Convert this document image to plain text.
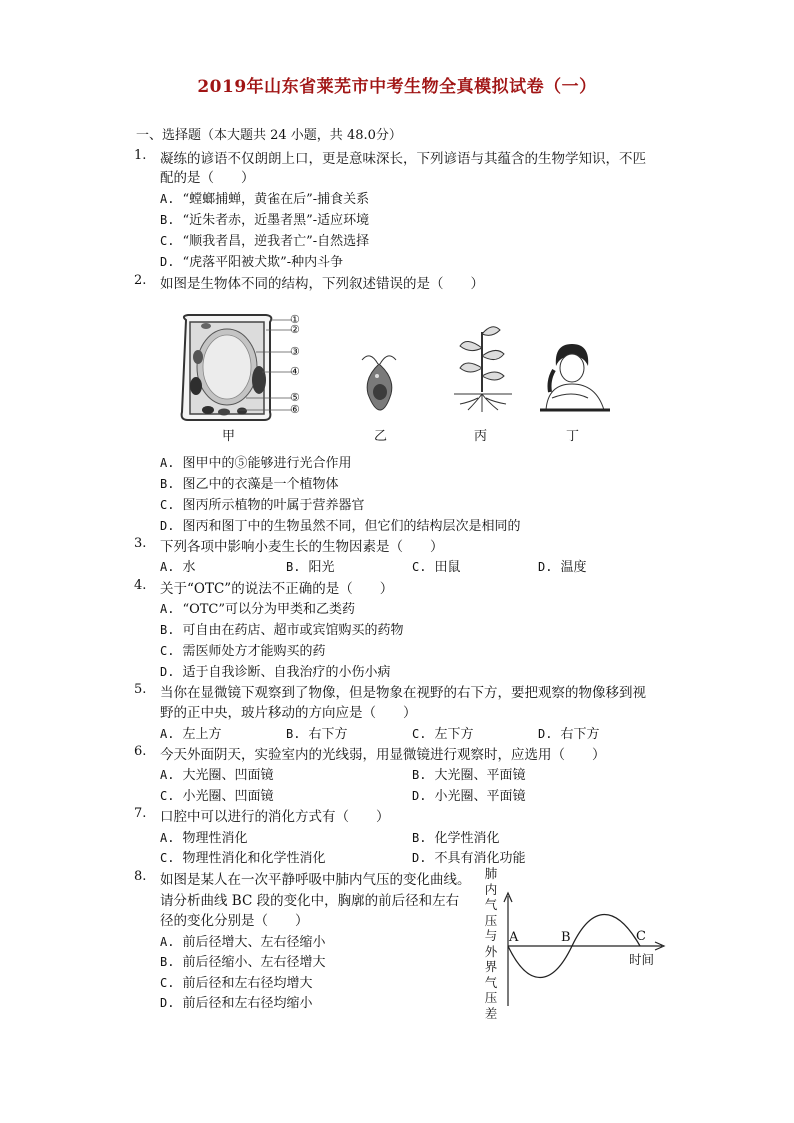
2019年山东省莱芜市中考生物全真模拟试卷（一）
一、选择题（本大题共 24 小题，共 48.0分）
1. 凝练的谚语不仅朗朗上口，更是意味深长，下列谚语与其蕴含的生物学知识，不匹
配的是（　　）
A. “螳螂捕蝉，黄雀在后”-捕食关系
B. “近朱者赤，近墨者黑”-适应环境
C. “顺我者昌，逆我者亡”-自然选择
D. “虎落平阳被犬欺”-种内斗争
2. 如图是生物体不同的结构，下列叙述错误的是（　　）
①
②
③
④
⑤
⑥
甲	乙	丙	丁
A. 图甲中的⑤能够进行光合作用
B. 图乙中的衣藻是一个植物体
C. 图丙所示植物的叶属于营养器官
D. 图丙和图丁中的生物虽然不同，但它们的结构层次是相同的
3. 下列各项中影响小麦生长的生物因素是（　　）
A. 水	B. 阳光	C. 田鼠	D. 温度
4. 关于“OTC”的说法不正确的是（　　）
A. “OTC”可以分为甲类和乙类药
B. 可自由在药店、超市或宾馆购买的药物
C. 需医师处方才能购买的药
D. 适于自我诊断、自我治疗的小伤小病
5. 当你在显微镜下观察到了物像，但是物象在视野的右下方，要把观察的物像移到视
野的正中央，玻片移动的方向应是（　　）
A. 左上方	B. 右下方	C. 左下方	D. 右下方
6. 今天外面阴天，实验室内的光线弱，用显微镜进行观察时，应选用（　　）
A. 大光圈、凹面镜	B. 大光圈、平面镜
C. 小光圈、凹面镜	D. 小光圈、平面镜
7. 口腔中可以进行的消化方式有（　　）
A. 物理性消化	B. 化学性消化
C. 物理性消化和化学性消化	D. 不具有消化功能
8. 如图是某人在一次平静呼吸中肺内气压的变化曲线。
请分析曲线 BC 段的变化中，胸廓的前后径和左右
径的变化分别是（　　）
A. 前后径增大、左右径缩小
B. 前后径缩小、左右径增大
C. 前后径和左右径均增大
D. 前后径和左右径均缩小
肺
内
气
压
与
外
界
气
压
差
A	B	C
时间
